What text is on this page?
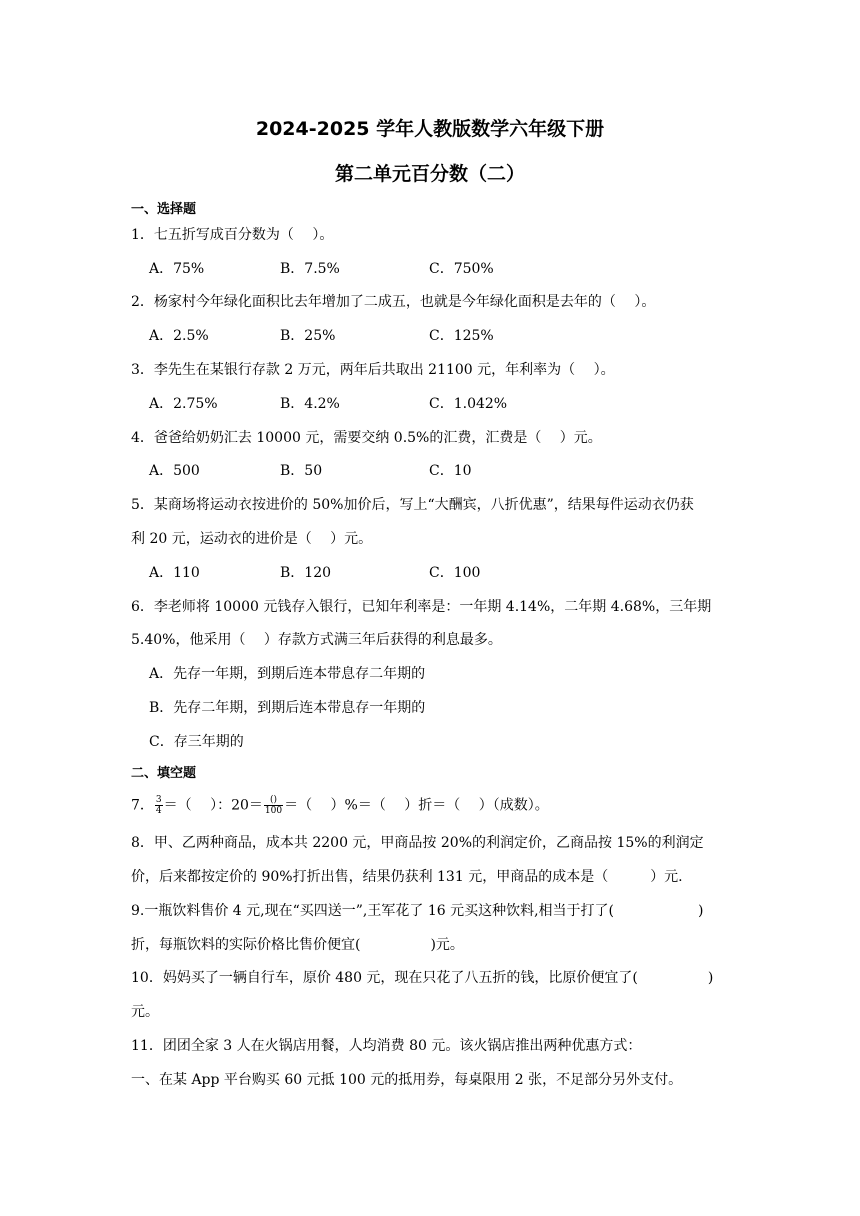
2024-2025 学年人教版数学六年级下册
第二单元百分数（二）
一、选择题
1．七五折写成百分数为（　 ）。
A．75%	B．7.5%	C．750%
2．杨家村今年绿化面积比去年增加了二成五，也就是今年绿化面积是去年的（　 ）。
A．2.5%	B．25%	C．125%
3．李先生在某银行存款 2 万元，两年后共取出 21100 元，年利率为（　 ）。
A．2.75%	B．4.2%	C．1.042%
4．爸爸给奶奶汇去 10000 元，需要交纳 0.5%的汇费，汇费是（　 ）元。
A．500	B．50	C．10
5．某商场将运动衣按进价的 50%加价后，写上“大酬宾，八折优惠”，结果每件运动衣仍获
利 20 元，运动衣的进价是（　 ）元。
A．110	B．120	C．100
6．李老师将 10000 元钱存入银行，已知年利率是：一年期 4.14%，二年期 4.68%，三年期
5.40%，他采用（　 ）存款方式满三年后获得的利息最多。
A．先存一年期，到期后连本带息存二年期的
B．先存二年期，到期后连本带息存一年期的
C．存三年期的
二、填空题
7． $\frac{3}{4}$ ＝（　 ）：$20= \frac{()}{100}$ ＝（　 ）%＝（　 ）折＝（　 ）（成数）。
8．甲、乙两种商品，成本共 2200 元，甲商品按 20%的利润定价，乙商品按 15%的利润定
价，后来都按定价的 90%打折出售，结果仍获利 131 元，甲商品的成本是（　　　）元.
9.一瓶饮料售价 4 元,现在“买四送一”,王军花了 16 元买这种饮料,相当于打了(　　　　　　)
折，每瓶饮料的实际价格比售价便宜(　　　　　)元。
10．妈妈买了一辆自行车，原价 480 元，现在只花了八五折的钱，比原价便宜了(　　　　　)
元。
11．团团全家 3 人在火锅店用餐，人均消费 80 元。该火锅店推出两种优惠方式：
一、在某 App 平台购买 60 元抵 100 元的抵用券，每桌限用 2 张，不足部分另外支付。
